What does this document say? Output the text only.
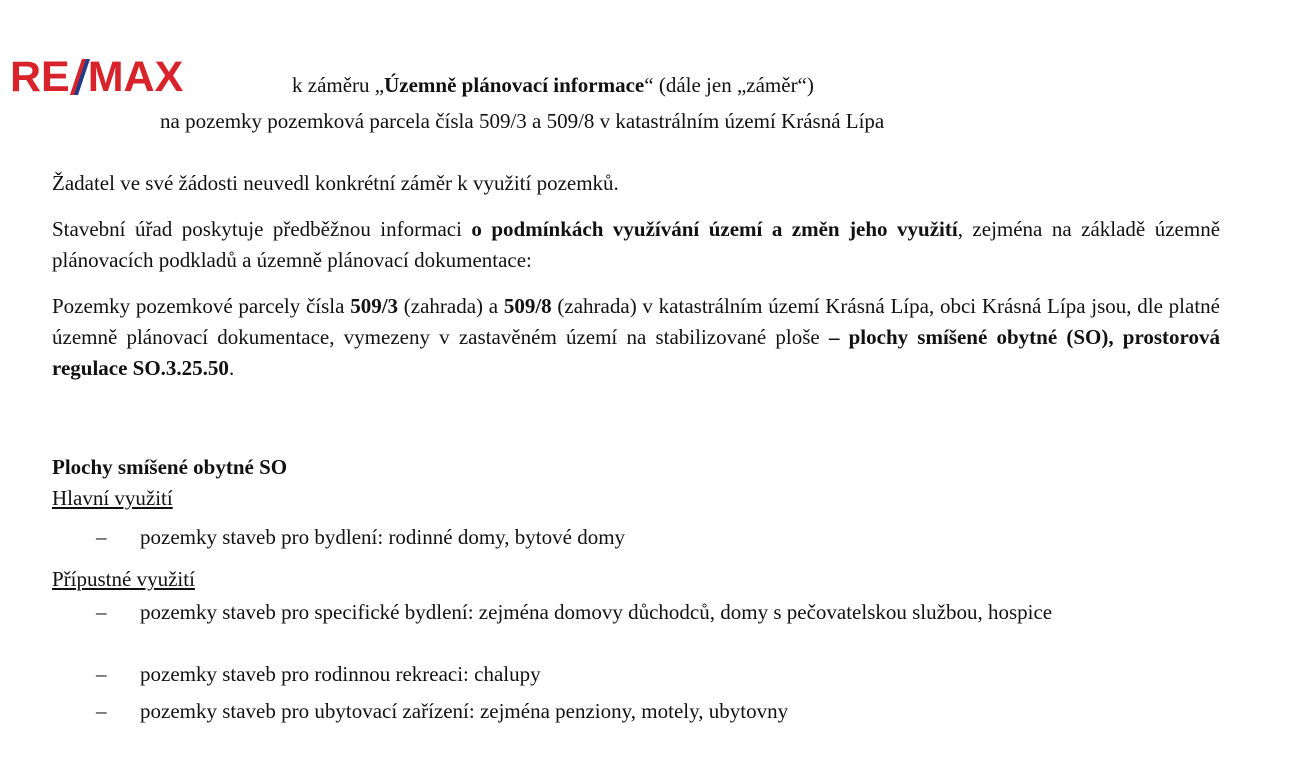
RE MAX	k záměru „Územně plánovací informace“ (dále jen „záměr“)
na pozemky pozemková parcela čísla 509/3 a 509/8 v katastrálním území Krásná Lípa
Žadatel ve své žádosti neuvedl konkrétní záměr k využití pozemků.
Stavební úřad poskytuje předběžnou informaci o podmínkách využívání území a změn jeho využití, zejména na základě územně plánovacích podkladů a územně plánovací dokumentace:
Pozemky pozemkové parcely čísla 509/3 (zahrada) a 509/8 (zahrada) v katastrálním území Krásná Lípa, obci Krásná Lípa jsou, dle platné územně plánovací dokumentace, vymezeny v zastavěném území na stabilizované ploše – plochy smíšené obytné (SO), prostorová regulace SO.3.25.50.
Plochy smíšené obytné SO
Hlavní využití
–	pozemky staveb pro bydlení: rodinné domy, bytové domy
Přípustné využití
–	pozemky staveb pro specifické bydlení: zejména domovy důchodců, domy s pečovatelskou službou, hospice
–	pozemky staveb pro rodinnou rekreaci: chalupy
–	pozemky staveb pro ubytovací zařízení: zejména penziony, motely, ubytovny
